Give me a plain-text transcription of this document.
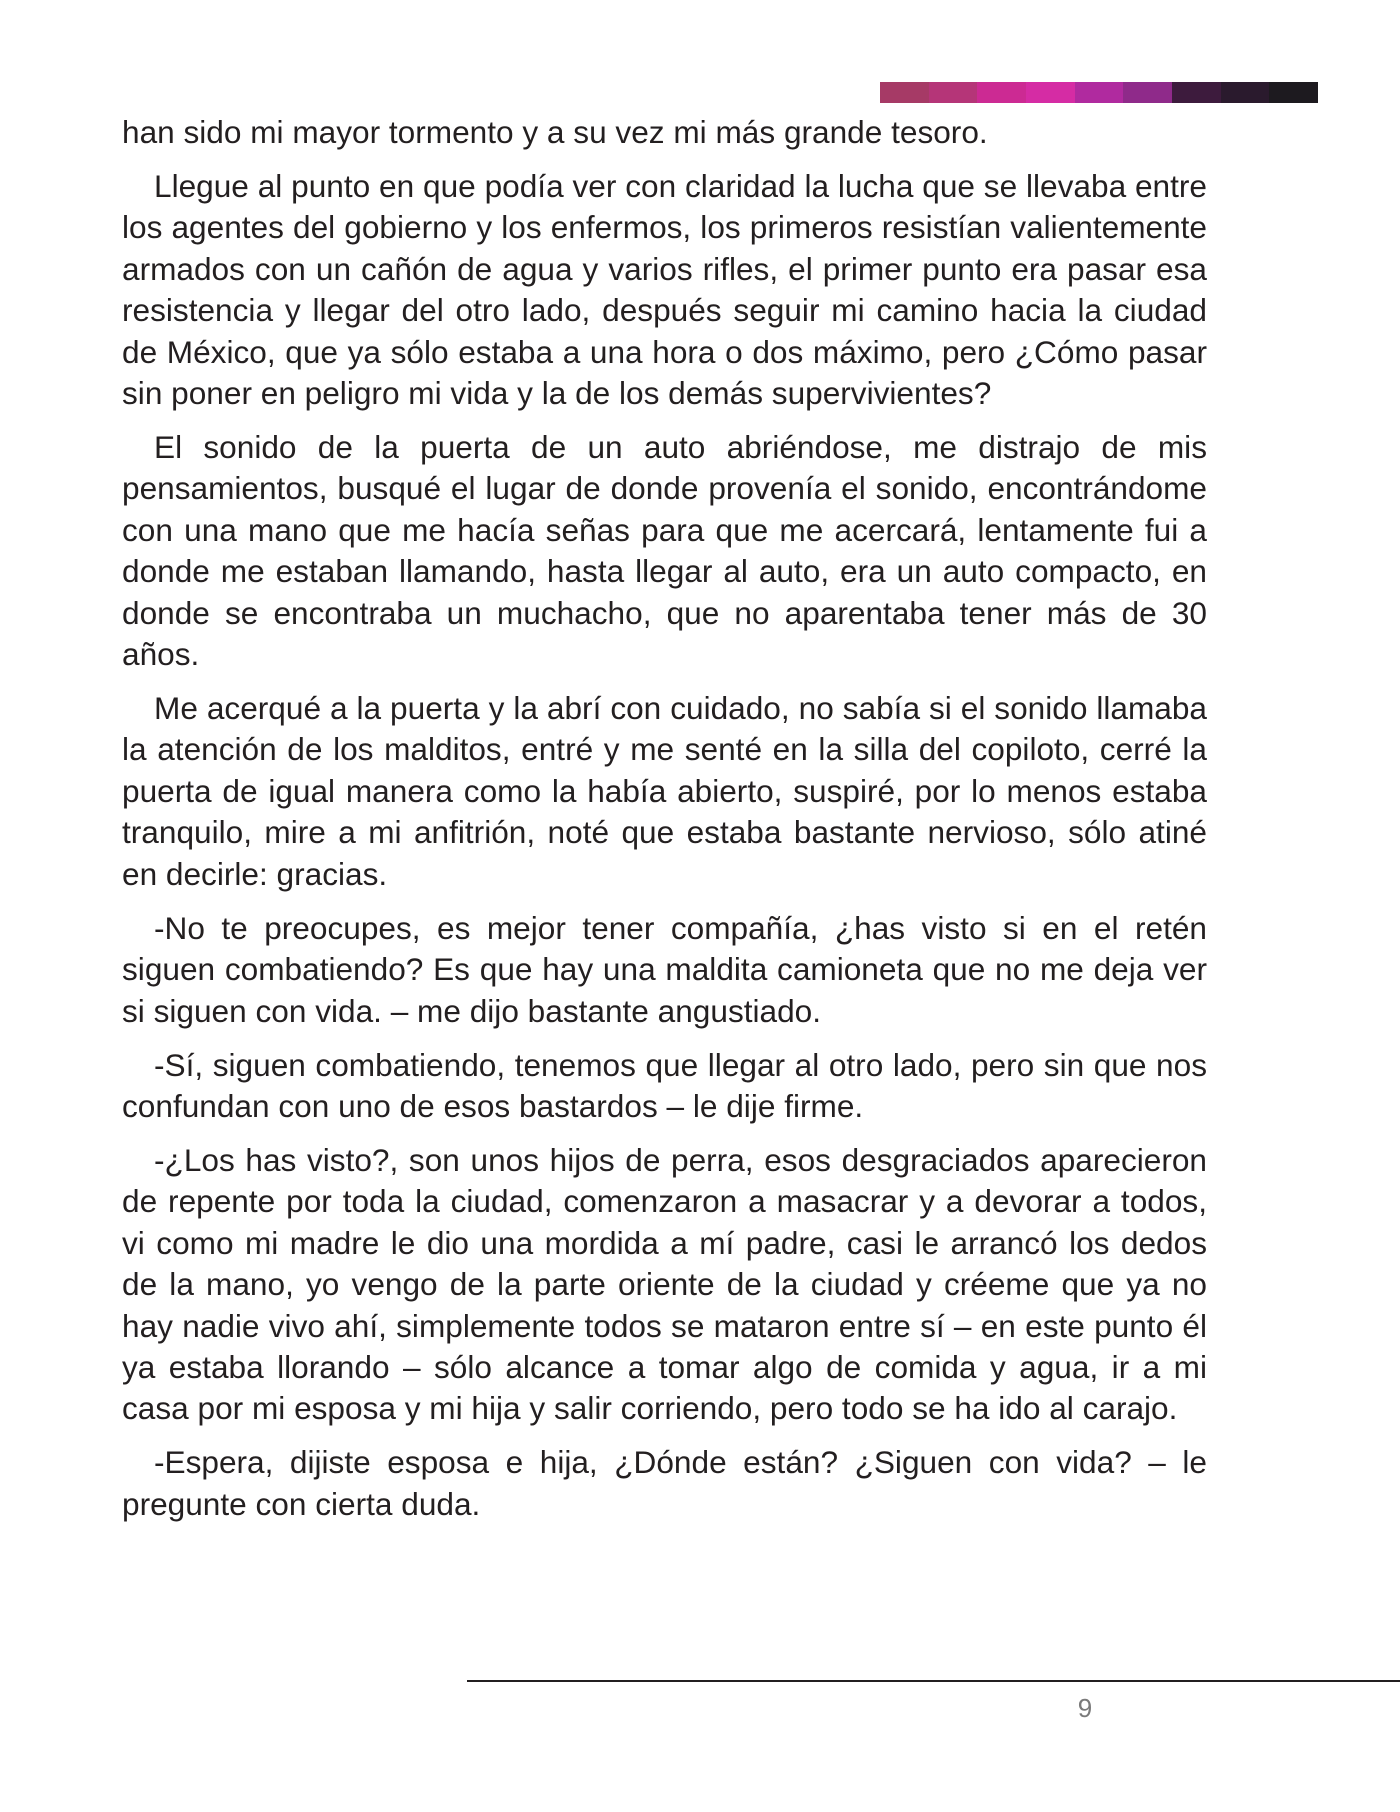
han sido mi mayor tormento y a su vez mi más grande tesoro.

Llegue al punto en que podía ver con claridad la lucha que se llevaba entre los agentes del gobierno y los enfermos, los primeros resistían valientemente armados con un cañón de agua y varios rifles, el primer punto era pasar esa resistencia y llegar del otro lado, después seguir mi camino hacia la ciudad de México, que ya sólo estaba a una hora o dos máximo, pero ¿Cómo pasar sin poner en peligro mi vida y la de los demás supervivientes?

El sonido de la puerta de un auto abriéndose, me distrajo de mis pensamientos, busqué el lugar de donde provenía el sonido, encontrándome con una mano que me hacía señas para que me acercará, lentamente fui a donde me estaban llamando, hasta llegar al auto, era un auto compacto, en donde se encontraba un muchacho, que no aparentaba tener más de 30 años.

Me acerqué a la puerta y la abrí con cuidado, no sabía si el sonido llamaba la atención de los malditos, entré y me senté en la silla del copiloto, cerré la puerta de igual manera como la había abierto, suspiré, por lo menos estaba tranquilo, mire a mi anfitrión, noté que estaba bastante nervioso, sólo atiné en decirle: gracias.

-No te preocupes, es mejor tener compañía, ¿has visto si en el retén siguen combatiendo? Es que hay una maldita camioneta que no me deja ver si siguen con vida. – me dijo bastante angustiado.

-Sí, siguen combatiendo, tenemos que llegar al otro lado, pero sin que nos confundan con uno de esos bastardos – le dije firme.

-¿Los has visto?, son unos hijos de perra, esos desgraciados aparecieron de repente por toda la ciudad, comenzaron a masacrar y a devorar a todos, vi como mi madre le dio una mordida a mí padre, casi le arrancó los dedos de la mano, yo vengo de la parte oriente de la ciudad y créeme que ya no hay nadie vivo ahí, simplemente todos se mataron entre sí – en este punto él ya estaba llorando – sólo alcance a tomar algo de comida y agua, ir a mi casa por mi esposa y mi hija y salir corriendo, pero todo se ha ido al carajo.

-Espera, dijiste esposa e hija, ¿Dónde están? ¿Siguen con vida? – le pregunte con cierta duda.

9
